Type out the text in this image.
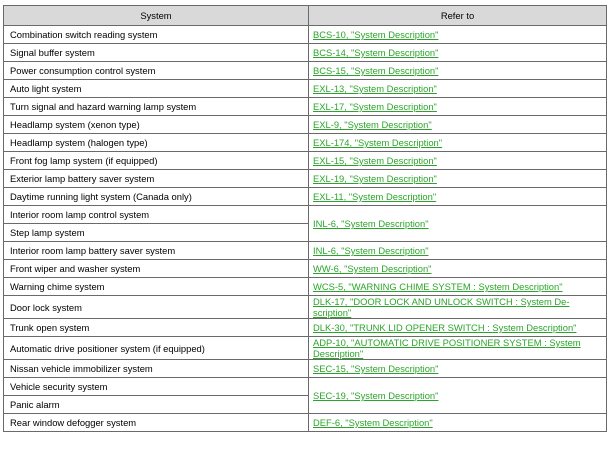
System	Refer to
Combination switch reading system	BCS-10, "System Description"
Signal buffer system	BCS-14, "System Description"
Power consumption control system	BCS-15, "System Description"
Auto light system	EXL-13, "System Description"
Turn signal and hazard warning lamp system	EXL-17, "System Description"
Headlamp system (xenon type)	EXL-9, "System Description"
Headlamp system (halogen type)	EXL-174, "System Description"
Front fog lamp system (if equipped)	EXL-15, "System Description"
Exterior lamp battery saver system	EXL-19, "System Description"
Daytime running light system (Canada only)	EXL-11, "System Description"
Interior room lamp control system	INL-6, "System Description"
Step lamp system	
Interior room lamp battery saver system	INL-6, "System Description"
Front wiper and washer system	WW-6, "System Description"
Warning chime system	WCS-5, "WARNING CHIME SYSTEM : System Description"
Door lock system	DLK-17, "DOOR LOCK AND UNLOCK SWITCH : System De-scription"
Trunk open system	DLK-30, "TRUNK LID OPENER SWITCH : System Description"
Automatic drive positioner system (if equipped)	ADP-10, "AUTOMATIC DRIVE POSITIONER SYSTEM : System Description"
Nissan vehicle immobilizer system	SEC-15, "System Description"
Vehicle security system	SEC-19, "System Description"
Panic alarm	
Rear window defogger system	DEF-6, "System Description"
